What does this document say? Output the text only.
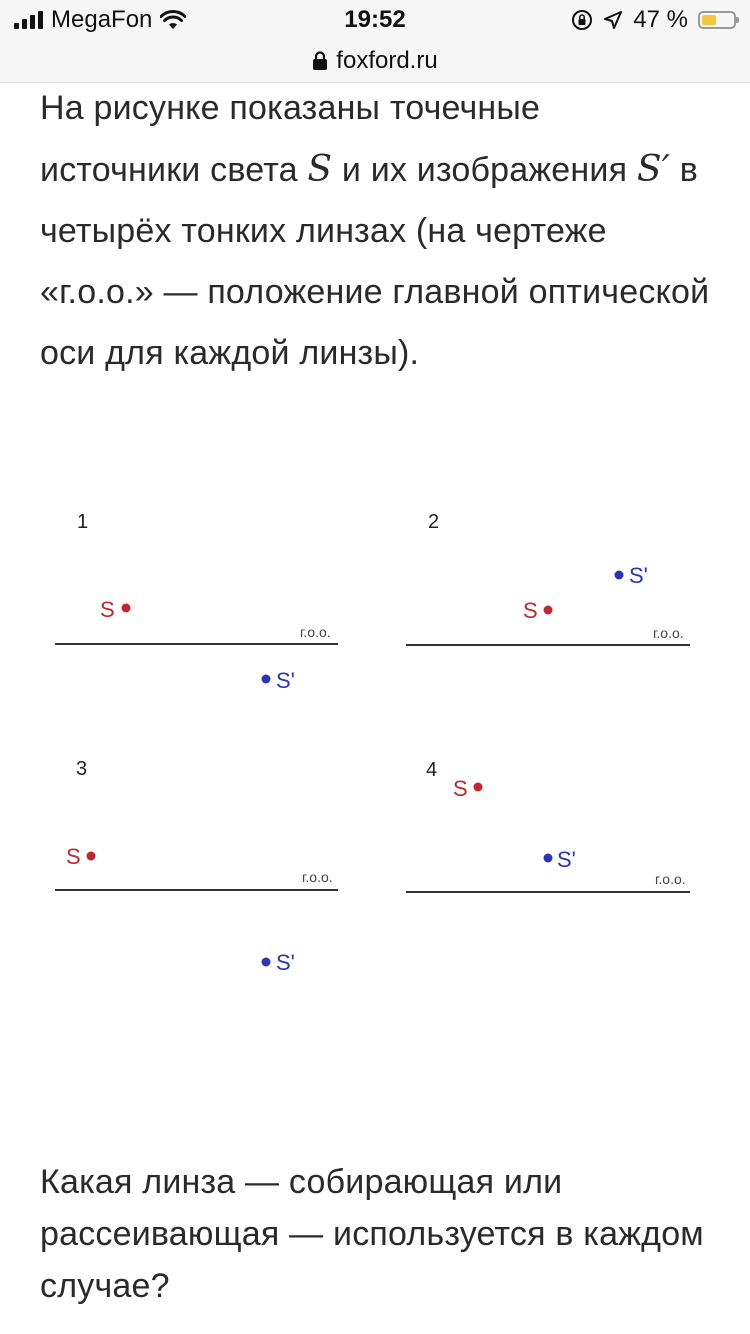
MegaFon	19:52	47 %
foxford.ru

На рисунке показаны точечные источники света S и их изображения S′ в четырёх тонких линзах (на чертеже «г.о.о.» — положение главной оптической оси для каждой линзы).

1
г.о.о.
S
S'
2
г.о.о.
S
S'
3
г.о.о.
S
S'
4
г.о.о.
S
S'

Какая линза — собирающая или рассеивающая — используется в каждом случае?
